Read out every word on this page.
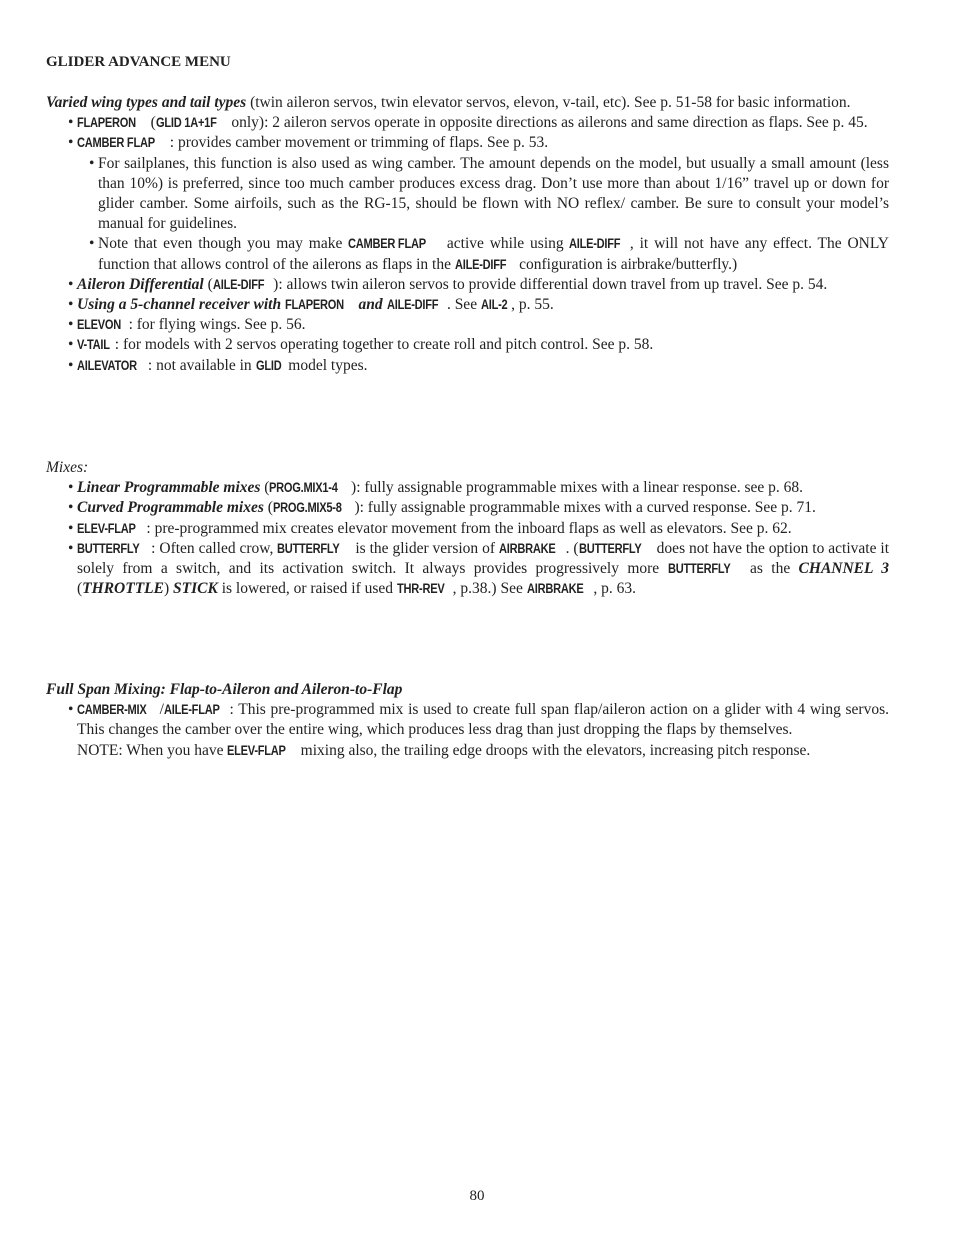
GLIDER ADVANCE MENU
Varied wing types and tail types (twin aileron servos, twin elevator servos, elevon, v-tail, etc). See p. 51-58 for basic information.
• FLAPERON (GLID 1A+1F only): 2 aileron servos operate in opposite directions as ailerons and same direction as flaps. See p. 45.
• CAMBER FLAP : provides camber movement or trimming of flaps. See p. 53.
• For sailplanes, this function is also used as wing camber. The amount depends on the model, but usually a small amount (less than 10%) is preferred, since too much camber produces excess drag. Don’t use more than about 1/16” travel up or down for glider camber. Some airfoils, such as the RG-15, should be flown with NO reflex/ camber. Be sure to consult your model’s manual for guidelines.
• Note that even though you may make CAMBER FLAP active while using AILE-DIFF , it will not have any effect. The ONLY function that allows control of the ailerons as flaps in the AILE-DIFF configuration is airbrake/butterfly.)
• Aileron Differential (AILE-DIFF ): allows twin aileron servos to provide differential down travel from up travel. See p. 54.
• Using a 5-channel receiver with FLAPERON and AILE-DIFF . See AIL-2 , p. 55.
• ELEVON : for flying wings. See p. 56.
• V-TAIL : for models with 2 servos operating together to create roll and pitch control. See p. 58.
• AILEVATOR : not available in GLID model types.
Mixes:
• Linear Programmable mixes (PROG.MIX1-4 ): fully assignable programmable mixes with a linear response. see p. 68.
• Curved Programmable mixes (PROG.MIX5-8 ): fully assignable programmable mixes with a curved response. See p. 71.
• ELEV-FLAP : pre-programmed mix creates elevator movement from the inboard flaps as well as elevators. See p. 62.
• BUTTERFLY : Often called crow, BUTTERFLY is the glider version of AIRBRAKE . (BUTTERFLY does not have the option to activate it solely from a switch, and its activation switch. It always provides progressively more BUTTERFLY as the CHANNEL 3 (THROTTLE) STICK is lowered, or raised if used THR-REV , p.38.) See AIRBRAKE , p. 63.
Full Span Mixing: Flap-to-Aileron and Aileron-to-Flap
• CAMBER-MIX /AILE-FLAP : This pre-programmed mix is used to create full span flap/aileron action on a glider with 4 wing servos. This changes the camber over the entire wing, which produces less drag than just dropping the flaps by themselves.
NOTE: When you have ELEV-FLAP mixing also, the trailing edge droops with the elevators, increasing pitch response.
80
